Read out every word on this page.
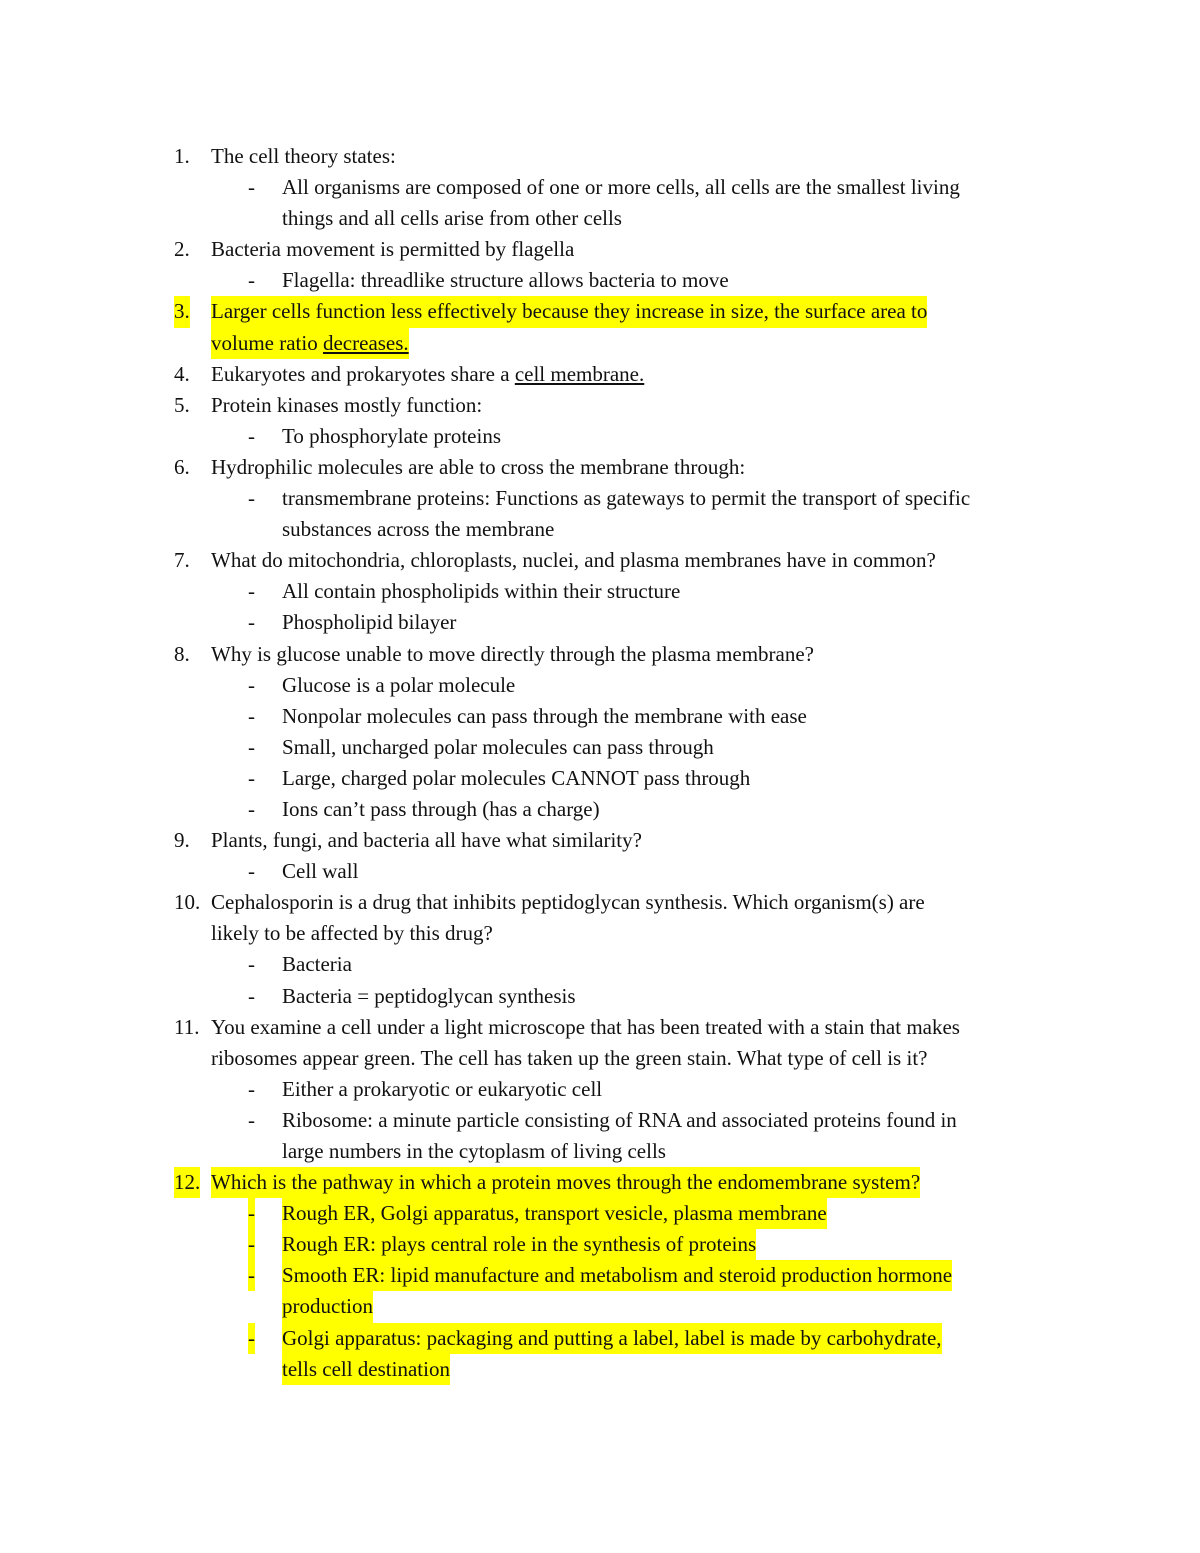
1. The cell theory states:
- All organisms are composed of one or more cells, all cells are the smallest living
things and all cells arise from other cells
2. Bacteria movement is permitted by flagella
- Flagella: threadlike structure allows bacteria to move
3. Larger cells function less effectively because they increase in size, the surface area to
volume ratio decreases.
4. Eukaryotes and prokaryotes share a cell membrane.
5. Protein kinases mostly function:
- To phosphorylate proteins
6. Hydrophilic molecules are able to cross the membrane through:
- transmembrane proteins: Functions as gateways to permit the transport of specific
substances across the membrane
7. What do mitochondria, chloroplasts, nuclei, and plasma membranes have in common?
- All contain phospholipids within their structure
- Phospholipid bilayer
8. Why is glucose unable to move directly through the plasma membrane?
- Glucose is a polar molecule
- Nonpolar molecules can pass through the membrane with ease
- Small, uncharged polar molecules can pass through
- Large, charged polar molecules CANNOT pass through
- Ions can’t pass through (has a charge)
9. Plants, fungi, and bacteria all have what similarity?
- Cell wall
10. Cephalosporin is a drug that inhibits peptidoglycan synthesis. Which organism(s) are
likely to be affected by this drug?
- Bacteria
- Bacteria = peptidoglycan synthesis
11. You examine a cell under a light microscope that has been treated with a stain that makes
ribosomes appear green. The cell has taken up the green stain. What type of cell is it?
- Either a prokaryotic or eukaryotic cell
- Ribosome: a minute particle consisting of RNA and associated proteins found in
large numbers in the cytoplasm of living cells
12. Which is the pathway in which a protein moves through the endomembrane system?
- Rough ER, Golgi apparatus, transport vesicle, plasma membrane
- Rough ER: plays central role in the synthesis of proteins
- Smooth ER: lipid manufacture and metabolism and steroid production hormone
production
- Golgi apparatus: packaging and putting a label, label is made by carbohydrate,
tells cell destination
